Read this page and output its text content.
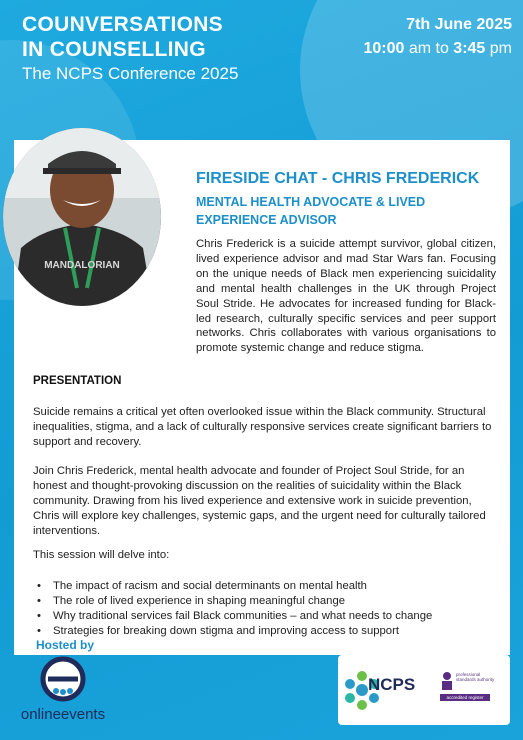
COUNVERSATIONS
IN COUNSELLING
The NCPS Conference 2025
7th June 2025
10:00 am to 3:45 pm
MANDALORIAN
FIRESIDE CHAT - CHRIS FREDERICK
MENTAL HEALTH ADVOCATE & LIVED EXPERIENCE ADVISOR
Chris Frederick is a suicide attempt survivor, global citizen, lived experience advisor and mad Star Wars fan. Focusing on the unique needs of Black men experiencing suicidality and mental health challenges in the UK through Project Soul Stride. He advocates for increased funding for Black-led research, culturally specific services and peer support networks. Chris collaborates with various organisations to promote systemic change and reduce stigma.
PRESENTATION
Suicide remains a critical yet often overlooked issue within the Black community. Structural inequalities, stigma, and a lack of culturally responsive services create significant barriers to support and recovery.
Join Chris Frederick, mental health advocate and founder of Project Soul Stride, for an honest and thought-provoking discussion on the realities of suicidality within the Black community. Drawing from his lived experience and extensive work in suicide prevention, Chris will explore key challenges, systemic gaps, and the urgent need for culturally tailored interventions.
This session will delve into:
• The impact of racism and social determinants on mental health
• The role of lived experience in shaping meaningful change
• Why traditional services fail Black communities – and what needs to change
• Strategies for breaking down stigma and improving access to support
Hosted by
onlineevents
NCPS
professional standards authority
accredited register
